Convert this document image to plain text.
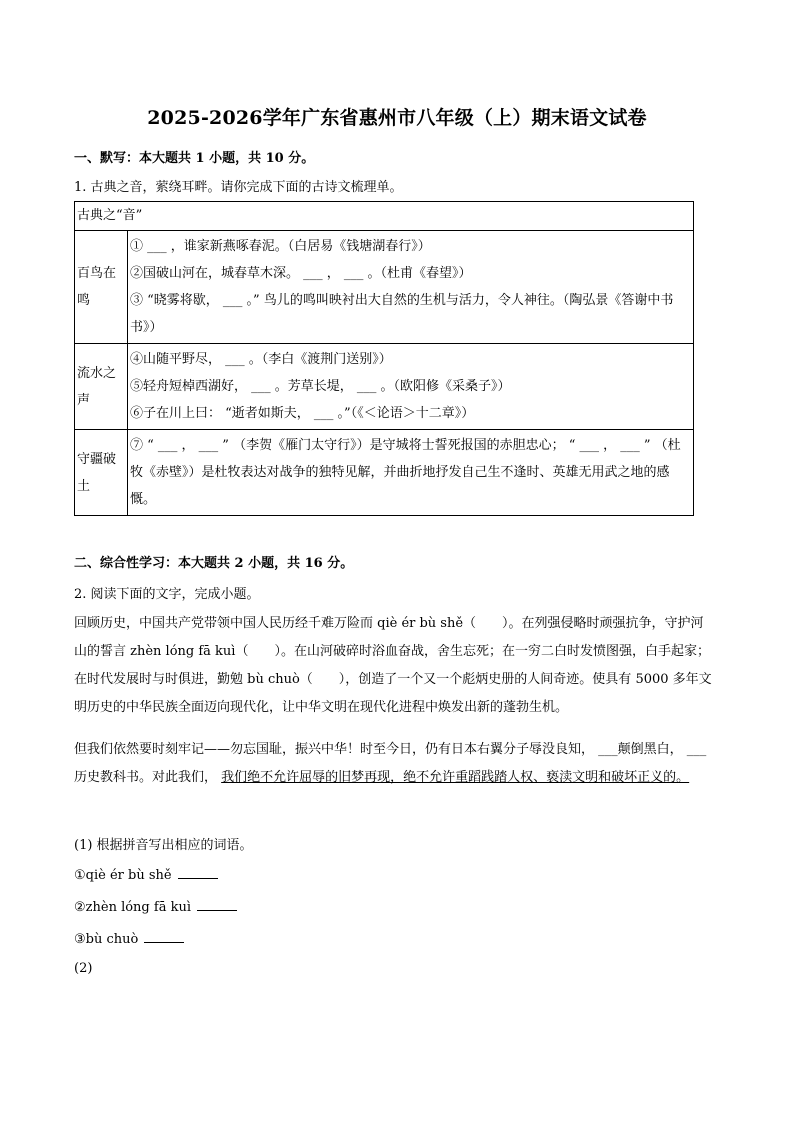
2025-2026学年广东省惠州市八年级（上）期末语文试卷
一、默写：本大题共 1 小题，共 10 分。
1. 古典之音，萦绕耳畔。请你完成下面的古诗文梳理单。
古典之“音”	
百鸟在鸣	① ___ ，谁家新燕啄春泥。（白居易《钱塘湖春行》）
②国破山河在，城春草木深。 ___ ， ___ 。（杜甫《春望》）
③ “晓雾将歇， ___ 。” 鸟儿的鸣叫映衬出大自然的生机与活力，令人神往。（陶弘景《答谢中书书》）

流水之声	④山随平野尽， ___ 。（李白《渡荆门送别》）
⑤轻舟短棹西湖好， ___ 。芳草长堤， ___ 。（欧阳修《采桑子》）
⑥子在川上曰： “逝者如斯夫， ___ 。”（《＜论语＞十二章》）

守疆破土	⑦ “ ___ ， ___ ” （李贺《雁门太守行》）是守城将士誓死报国的赤胆忠心； “ ___ ， ___ ” （杜牧《赤壁》）是杜牧表达对战争的独特见解，并曲折地抒发自己生不逢时、英雄无用武之地的感慨。
二、综合性学习：本大题共 2 小题，共 16 分。
2. 阅读下面的文字，完成小题。
回顾历史，中国共产党带领中国人民历经千难万险而 qiè ér bù shě（　　）。在列强侵略时顽强抗争，守护河山的誓言 zhèn lóng fā kuì（　　）。在山河破碎时浴血奋战，舍生忘死；在一穷二白时发愤图强，白手起家；在时代发展时与时俱进，勤勉 bù chuò（　　），创造了一个又一个彪炳史册的人间奇迹。使具有 5000 多年文明历史的中华民族全面迈向现代化，让中华文明在现代化进程中焕发出新的蓬勃生机。
但我们依然要时刻牢记——勿忘国耻，振兴中华！时至今日，仍有日本右翼分子辱没良知， ___颠倒黑白， ___历史教科书。对此我们， 我们绝不允许屈辱的旧梦再现，绝不允许重蹈践踏人权、亵渎文明和破坏正义的。
(1) 根据拼音写出相应的词语。
①qiè ér bù shě
②zhèn lóng fā kuì
③bù chuò
(2)
